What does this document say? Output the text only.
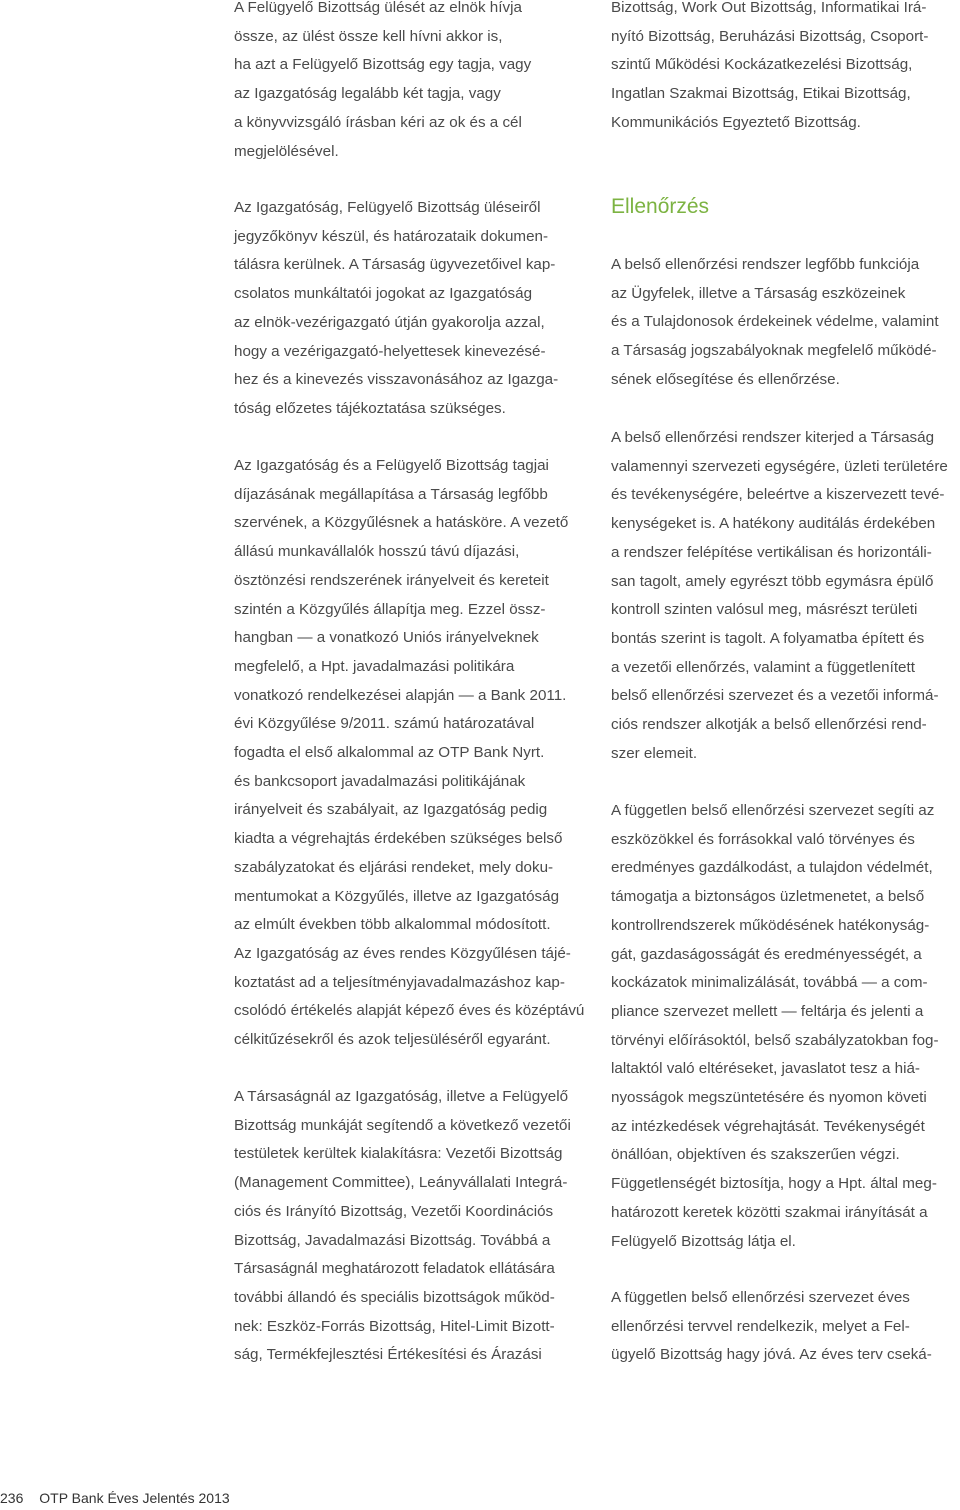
A Felügyelő Bizottság ülését az elnök hívja
össze, az ülést össze kell hívni akkor is,
ha azt a Felügyelő Bizottság egy tagja, vagy
az Igazgatóság legalább két tagja, vagy
a könyvvizsgáló írásban kéri az ok és a cél
megjelölésével.

Az Igazgatóság, Felügyelő Bizottság üléseiről
jegyzőkönyv készül, és határozataik dokumen-
tálásra kerülnek. A Társaság ügyvezetőivel kap-
csolatos munkáltatói jogokat az Igazgatóság
az elnök-vezérigazgató útján gyakorolja azzal,
hogy a vezérigazgató-helyettesek kinevezésé-
hez és a kinevezés visszavonásához az Igazga-
tóság előzetes tájékoztatása szükséges.

Az Igazgatóság és a Felügyelő Bizottság tagjai
díjazásának megállapítása a Társaság legfőbb
szervének, a Közgyűlésnek a hatásköre. A vezető
állású munkavállalók hosszú távú díjazási,
ösztönzési rendszerének irányelveit és kereteit
szintén a Közgyűlés állapítja meg. Ezzel össz-
hangban — a vonatkozó Uniós irányelveknek
megfelelő, a Hpt. javadalmazási politikára
vonatkozó rendelkezései alapján — a Bank 2011.
évi Közgyűlése 9/2011. számú határozatával
fogadta el első alkalommal az OTP Bank Nyrt.
és bankcsoport javadalmazási politikájának
irányelveit és szabályait, az Igazgatóság pedig
kiadta a végrehajtás érdekében szükséges belső
szabályzatokat és eljárási rendeket, mely doku-
mentumokat a Közgyűlés, illetve az Igazgatóság
az elmúlt években több alkalommal módosított.
Az Igazgatóság az éves rendes Közgyűlésen tájé-
koztatást ad a teljesítményjavadalmazáshoz kap-
csolódó értékelés alapját képező éves és középtávú
célkitűzésekről és azok teljesüléséről egyaránt.

A Társaságnál az Igazgatóság, illetve a Felügyelő
Bizottság munkáját segítendő a következő vezetői
testületek kerültek kialakításra: Vezetői Bizottság
(Management Committee), Leányvállalati Integrá-
ciós és Irányító Bizottság, Vezetői Koordinációs
Bizottság, Javadalmazási Bizottság. Továbbá a
Társaságnál meghatározott feladatok ellátására
további állandó és speciális bizottságok működ-
nek: Eszköz-Forrás Bizottság, Hitel-Limit Bizott-
ság, Termékfejlesztési Értékesítési és Árazási

Bizottság, Work Out Bizottság, Informatikai Irá-
nyító Bizottság, Beruházási Bizottság, Csoport-
szintű Működési Kockázatkezelési Bizottság,
Ingatlan Szakmai Bizottság, Etikai Bizottság,
Kommunikációs Egyeztető Bizottság.

Ellenőrzés

A belső ellenőrzési rendszer legfőbb funkciója
az Ügyfelek, illetve a Társaság eszközeinek
és a Tulajdonosok érdekeinek védelme, valamint
a Társaság jogszabályoknak megfelelő működé-
sének elősegítése és ellenőrzése.

A belső ellenőrzési rendszer kiterjed a Társaság
valamennyi szervezeti egységére, üzleti területére
és tevékenységére, beleértve a kiszervezett tevé-
kenységeket is. A hatékony auditálás érdekében
a rendszer felépítése vertikálisan és horizontáli-
san tagolt, amely egyrészt több egymásra épülő
kontroll szinten valósul meg, másrészt területi
bontás szerint is tagolt. A folyamatba épített és
a vezetői ellenőrzés, valamint a függetlenített
belső ellenőrzési szervezet és a vezetői informá-
ciós rendszer alkotják a belső ellenőrzési rend-
szer elemeit.

A független belső ellenőrzési szervezet segíti az
eszközökkel és forrásokkal való törvényes és
eredményes gazdálkodást, a tulajdon védelmét,
támogatja a biztonságos üzletmenetet, a belső
kontrollrendszerek működésének hatékonyság-
gát, gazdaságosságát és eredményességét, a
kockázatok minimalizálását, továbbá — a com-
pliance szervezet mellett — feltárja és jelenti a
törvényi előírásoktól, belső szabályzatokban fog-
laltaktól való eltéréseket, javaslatot tesz a hiá-
nyosságok megszüntetésére és nyomon követi
az intézkedések végrehajtását. Tevékenységét
önállóan, objektíven és szakszerűen végzi.
Függetlenségét biztosítja, hogy a Hpt. által meg-
határozott keretek közötti szakmai irányítását a
Felügyelő Bizottság látja el.

A független belső ellenőrzési szervezet éves
ellenőrzési tervvel rendelkezik, melyet a Fel-
ügyelő Bizottság hagy jóvá. Az éves terv cseká-

236 OTP Bank Éves Jelentés 2013
